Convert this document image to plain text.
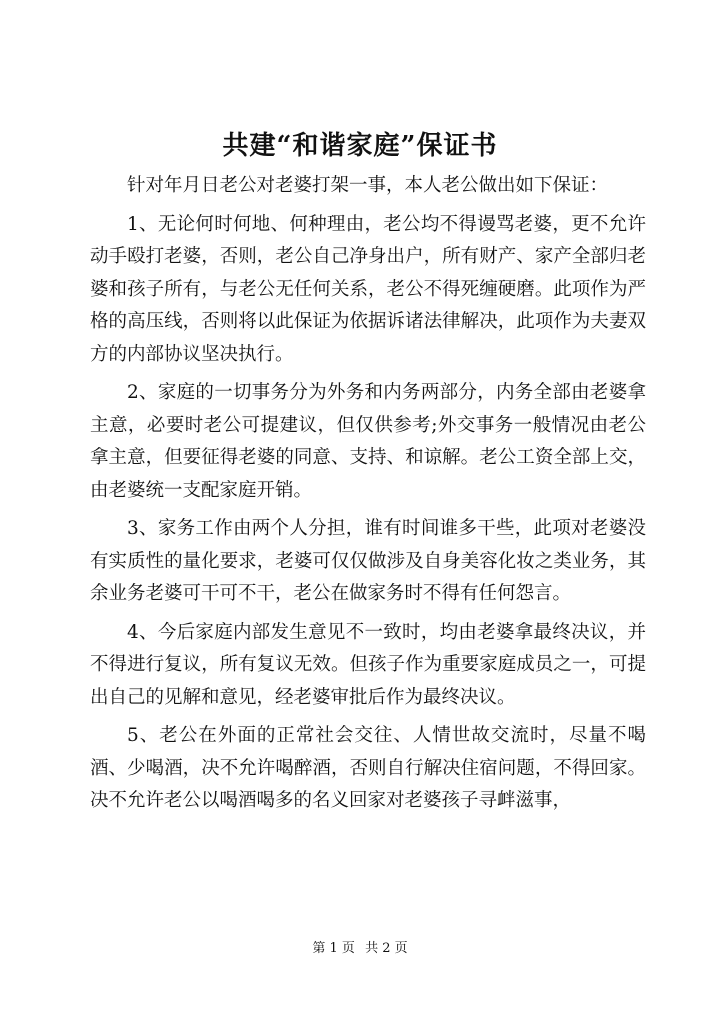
共建“和谐家庭”保证书

针对年月日老公对老婆打架一事，本人老公做出如下保证：

1、无论何时何地、何种理由，老公均不得谩骂老婆，更不允许动手殴打老婆，否则，老公自己净身出户，所有财产、家产全部归老婆和孩子所有，与老公无任何关系，老公不得死缠硬磨。此项作为严格的高压线，否则将以此保证为依据诉诸法律解决，此项作为夫妻双方的内部协议坚决执行。

2、家庭的一切事务分为外务和内务两部分，内务全部由老婆拿主意，必要时老公可提建议，但仅供参考;外交事务一般情况由老公拿主意，但要征得老婆的同意、支持、和谅解。老公工资全部上交，由老婆统一支配家庭开销。

3、家务工作由两个人分担，谁有时间谁多干些，此项对老婆没有实质性的量化要求，老婆可仅仅做涉及自身美容化妆之类业务，其余业务老婆可干可不干，老公在做家务时不得有任何怨言。

4、今后家庭内部发生意见不一致时，均由老婆拿最终决议，并不得进行复议，所有复议无效。但孩子作为重要家庭成员之一，可提出自己的见解和意见，经老婆审批后作为最终决议。

5、老公在外面的正常社会交往、人情世故交流时，尽量不喝酒、少喝酒，决不允许喝醉酒，否则自行解决住宿问题，不得回家。决不允许老公以喝酒喝多的名义回家对老婆孩子寻衅滋事，

第 1 页 共 2 页
